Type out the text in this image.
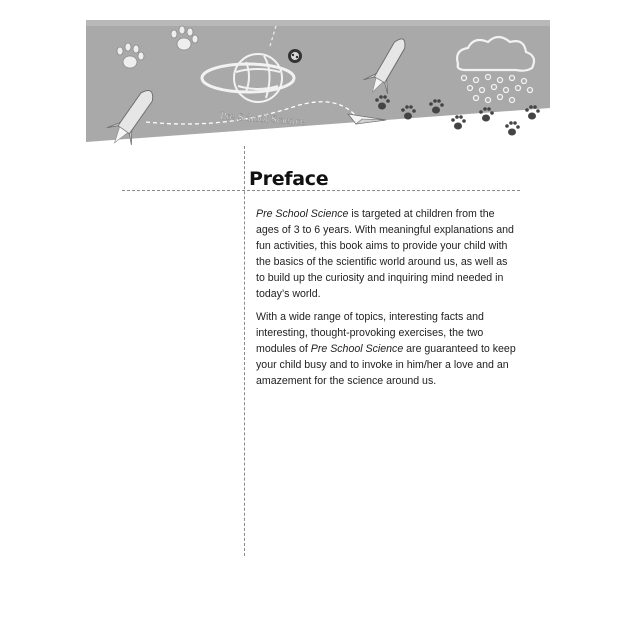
Pre School Science
Preface

Pre School Science is targeted at children from the ages of 3 to 6 years. With meaningful explanations and fun activities, this book aims to provide your child with the basics of the scientific world around us, as well as to build up the curiosity and inquiring mind needed in today’s world.

With a wide range of topics, interesting facts and interesting, thought-provoking exercises, the two modules of Pre School Science are guaranteed to keep your child busy and to invoke in him/her a love and an amazement for the science around us.
